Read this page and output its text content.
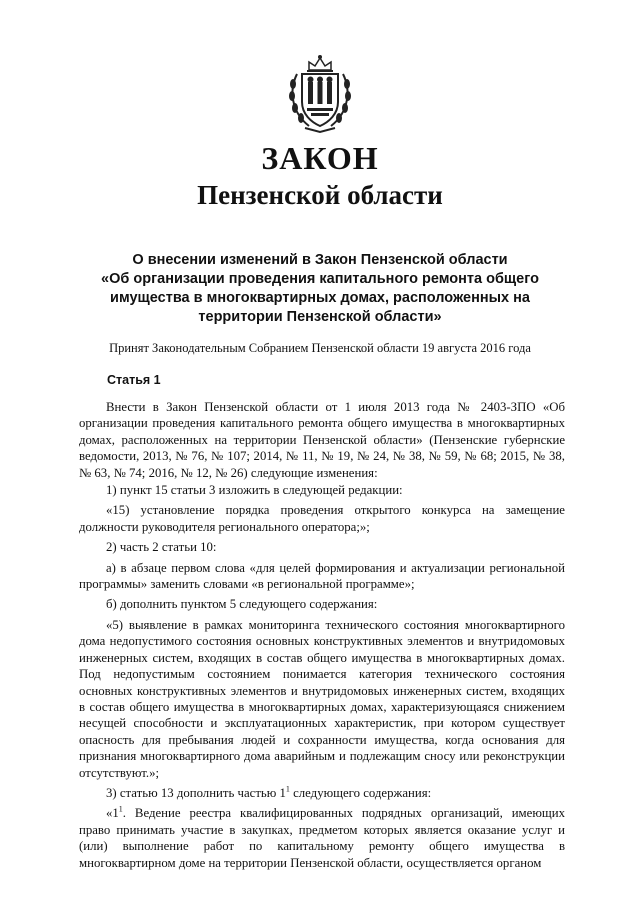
ЗАКОН
Пензенской области
О внесении изменений в Закон Пензенской области
«Об организации проведения капитального ремонта общего
имущества в многоквартирных домах, расположенных на
территории Пензенской области»
Принят Законодательным Собранием Пензенской области 19 августа 2016 года
Статья 1

Внести в Закон Пензенской области от 1 июля 2013 года № 2403-ЗПО «Об организации проведения капитального ремонта общего имущества в многоквартирных домах, расположенных на территории Пензенской области» (Пензенские губернские ведомости, 2013, № 76, № 107; 2014, № 11, № 19, № 24, № 38, № 59, № 68; 2015, № 38, № 63, № 74; 2016, № 12, № 26) следующие изменения:

1) пункт 15 статьи 3 изложить в следующей редакции:

«15) установление порядка проведения открытого конкурса на замещение должности руководителя регионального оператора;»;

2) часть 2 статьи 10:

а) в абзаце первом слова «для целей формирования и актуализации региональной программы» заменить словами «в региональной программе»;

б) дополнить пунктом 5 следующего содержания:

«5) выявление в рамках мониторинга технического состояния многоквартирного дома недопустимого состояния основных конструктивных элементов и внутридомовых инженерных систем, входящих в состав общего имущества в многоквартирных домах. Под недопустимым состоянием понимается категория технического состояния основных конструктивных элементов и внутридомовых инженерных систем, входящих в состав общего имущества в многоквартирных домах, характеризующаяся снижением несущей способности и эксплуатационных характеристик, при котором существует опасность для пребывания людей и сохранности имущества, когда основания для признания многоквартирного дома аварийным и подлежащим сносу или реконструкции отсутствуют.»;

3) статью 13 дополнить частью $1^1$ следующего содержания:

«$1^1$. Ведение реестра квалифицированных подрядных организаций, имеющих право принимать участие в закупках, предметом которых является оказание услуг и (или) выполнение работ по капитальному ремонту общего имущества в многоквартирном доме на территории Пензенской области, осуществляется органом
